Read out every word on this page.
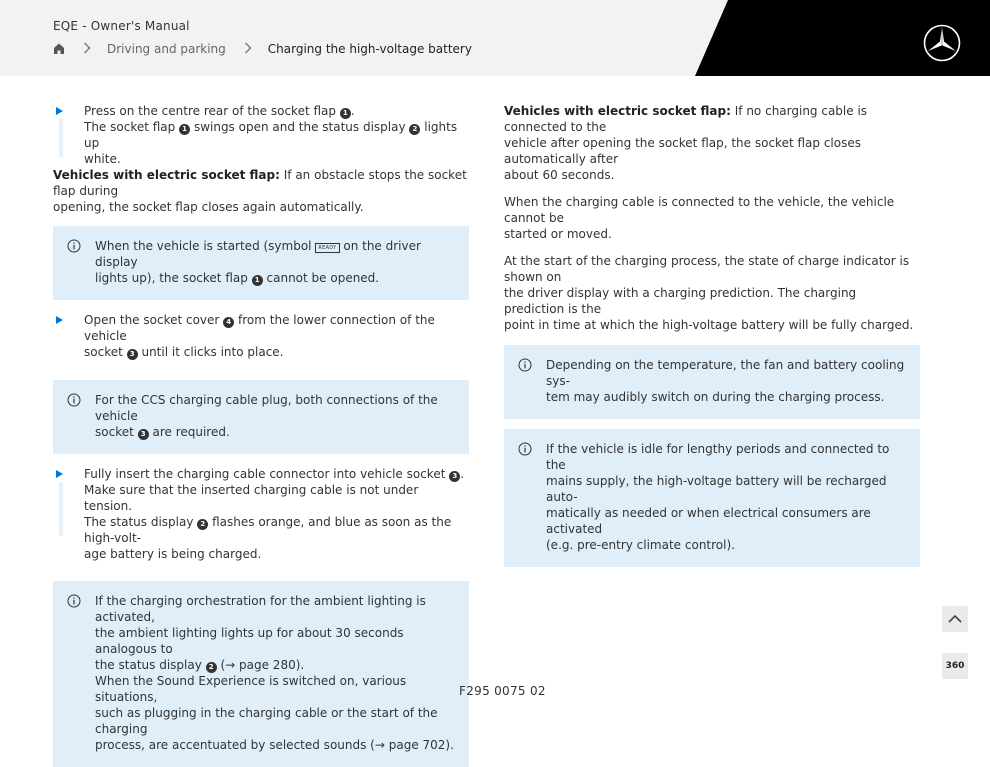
EQE - Owner's Manual
Driving and parking	Charging the high-voltage battery

Press on the centre rear of the socket flap 1 .

The socket flap 1 swings open and the status display 2 lights up
white.

Vehicles with electric socket flap: If an obstacle stops the socket flap during
opening, the socket flap closes again automatically.

When the vehicle is started (symbol READY on the driver display
lights up), the socket flap 1 cannot be opened.

Open the socket cover 4 from the lower connection of the vehicle
socket 3 until it clicks into place.

For the CCS charging cable plug, both connections of the vehicle
socket 3 are required.

Fully insert the charging cable connector into vehicle socket 3 .

Make sure that the inserted charging cable is not under tension.

The status display 2 flashes orange, and blue as soon as the high-volt-

age battery is being charged.

If the charging orchestration for the ambient lighting is activated,
the ambient lighting lights up for about 30 seconds analogous to
the status display 2 (→ page 280).
When the Sound Experience is switched on, various situations,
such as plugging in the charging cable or the start of the charging
process, are accentuated by selected sounds (→ page 702).

Vehicles with electric socket flap: If no charging cable is connected to the
vehicle after opening the socket flap, the socket flap closes automatically after
about 60 seconds.

When the charging cable is connected to the vehicle, the vehicle cannot be
started or moved.

At the start of the charging process, the state of charge indicator is shown on
the driver display with a charging prediction. The charging prediction is the
point in time at which the high-voltage battery will be fully charged.

Depending on the temperature, the fan and battery cooling sys-
tem may audibly switch on during the charging process.

If the vehicle is idle for lengthy periods and connected to the
mains supply, the high-voltage battery will be recharged auto-
matically as needed or when electrical consumers are activated
(e.g. pre-entry climate control).

360
F295 0075 02
